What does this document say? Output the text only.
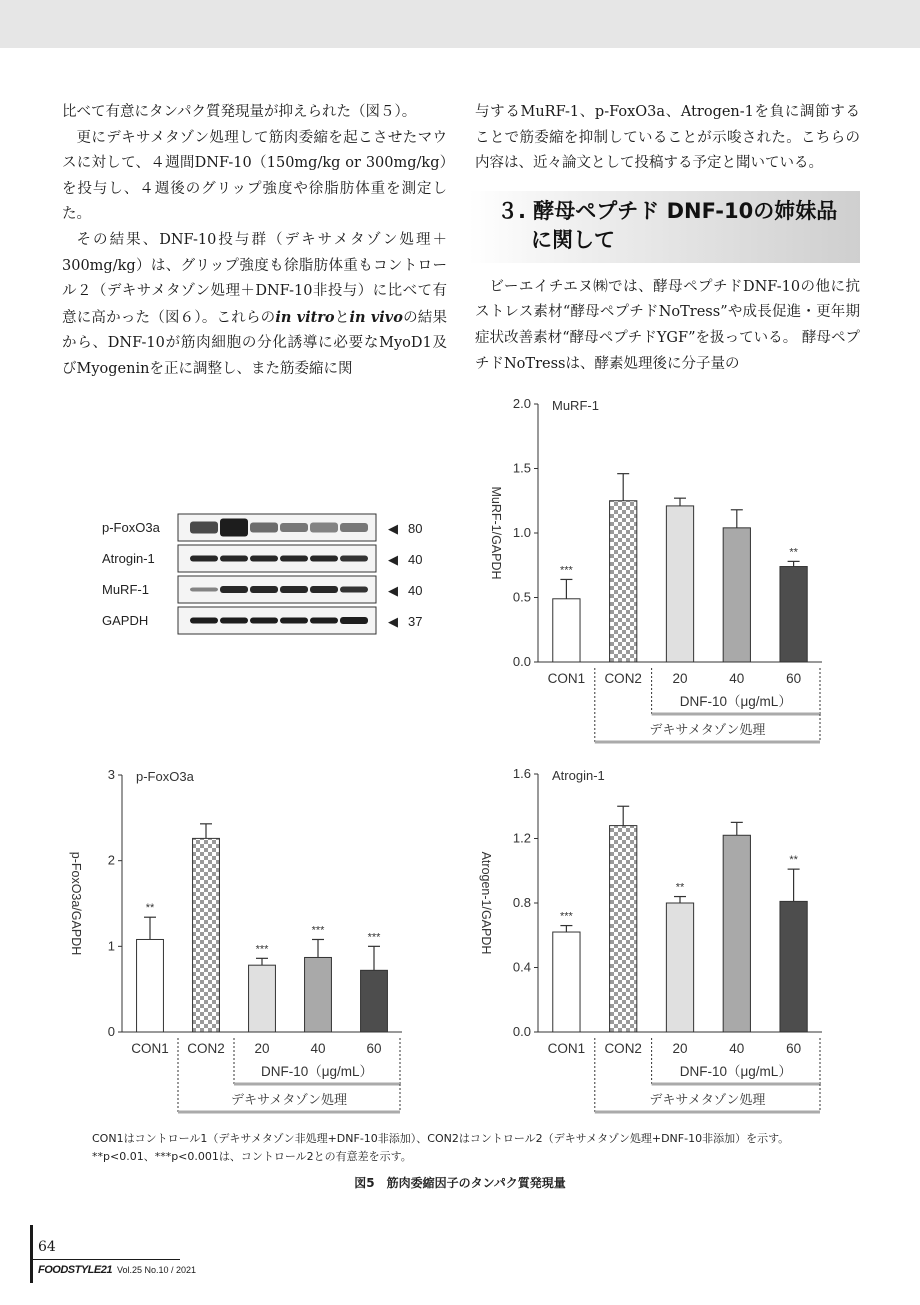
比べて有意にタンパク質発現量が抑えられた（図５）。

更にデキサメタゾン処理して筋肉委縮を起こさせたマウスに対して、４週間DNF-10（150mg/kg or 300mg/kg）を投与し、４週後のグリップ強度や徐脂肪体重を測定した。

その結果、DNF-10投与群（デキサメタゾン処理＋300mg/kg）は、グリップ強度も徐脂肪体重もコントロール２（デキサメタゾン処理＋DNF-10非投与）に比べて有意に高かった（図６）。これらのin vitroとin vivoの結果から、DNF-10が筋肉細胞の分化誘導に必要なMyoD1及びMyogeninを正に調整し、また筋委縮に関

与するMuRF-1、p-FoxO3a、Atrogen-1を負に調節することで筋委縮を抑制していることが示唆された。こちらの内容は、近々論文として投稿する予定と聞いている。

３. 酵母ペプチド DNF-10の姉妹品
に関して

ビーエイチエヌ㈱では、酵母ペプチドDNF-10の他に抗ストレス素材“酵母ペプチドNoTress”や成長促進・更年期症状改善素材“酵母ペプチドYGF”を扱っている。 酵母ペプチドNoTressは、酵素処理後に分子量の

p-FoxO3a	◀ 80
Atrogin-1	◀ 40
MuRF-1	◀ 40
GAPDH	◀ 37
0.0
0.5
1.0
1.5
2.0 MuRF-1
MuRF-1/GAPDH	***
CON1 CON2 20	40
**
60
DNF-10（μg/mL）
デキサメタゾン処理
0
1
2
3 p-FoxO3a
p-FoxO3a/GAPDH	**
CON1 CON2
***
20
***
40
***
60
DNF-10（μg/mL）
デキサメタゾン処理
0.0
0.4
0.8
1.2
1.6 Atrogin-1
Atrogen-1/GAPDH	***
CON1 CON2
**
20	40
**
60
DNF-10（μg/mL）
デキサメタゾン処理
CON1はコントロール1（デキサメタゾン非処理+DNF-10非添加）、CON2はコントロール2（デキサメタゾン処理+DNF-10非添加）を示す。
**p<0.01、***p<0.001は、コントロール2との有意差を示す。
図5　筋肉委縮因子のタンパク質発現量
64
FOODSTYLE21 Vol.25 No.10 / 2021
